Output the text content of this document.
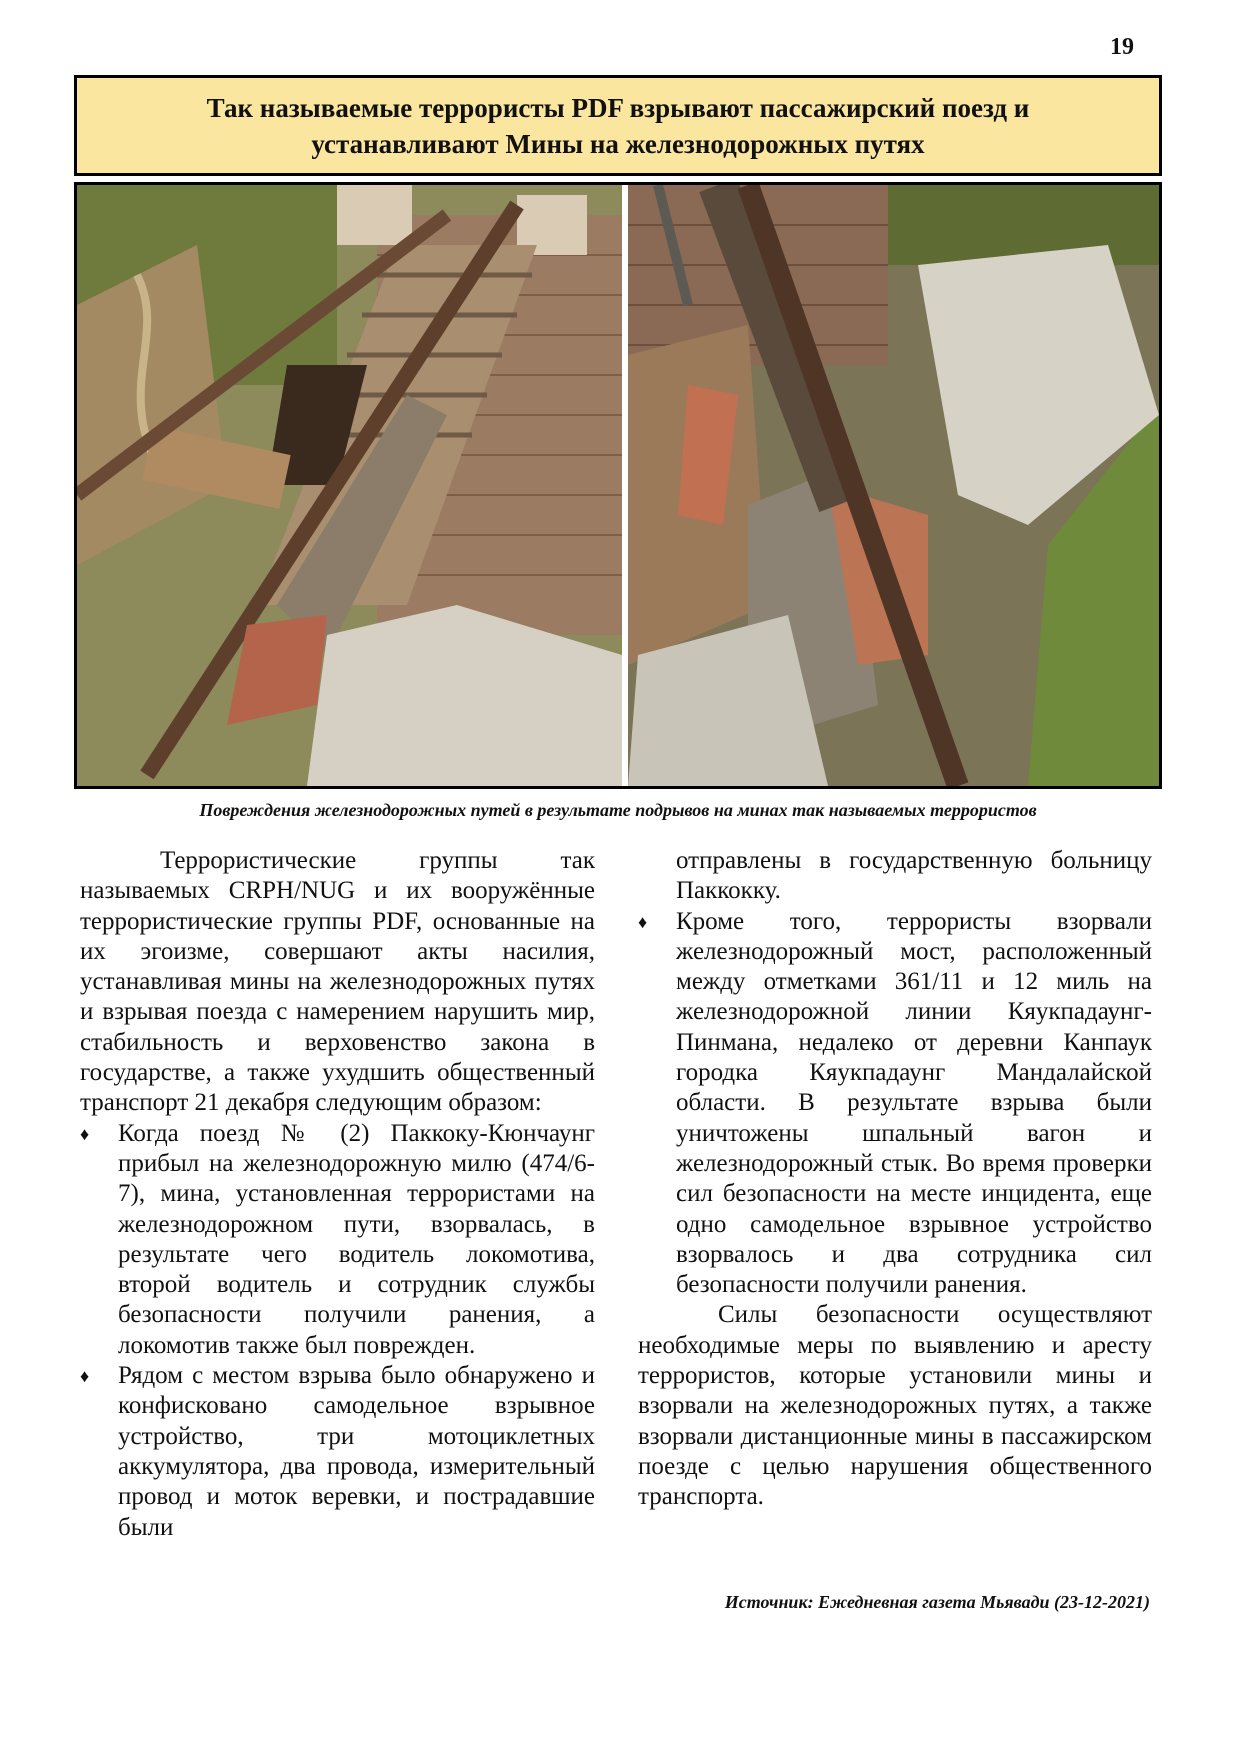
19
Так называемые террористы PDF взрывают пассажирский поезд и устанавливают Мины на железнодорожных путях
Повреждения железнодорожных путей в результате подрывов на минах так называемых террористов

Террористические группы так называемых CRPH/NUG и их вооружённые террористические группы PDF, основанные на их эгоизме, совершают акты насилия, устанавливая мины на железнодорожных путях и взрывая поезда с намерением нарушить мир, стабильность и верховенство закона в государстве, а также ухудшить общественный транспорт 21 декабря следующим образом:

♦ Когда поезд № (2) Паккоку-Кюнчаунг прибыл на железнодорожную милю (474/6-7), мина, установленная террористами на железнодорожном пути, взорвалась, в результате чего водитель локомотива, второй водитель и сотрудник службы безопасности получили ранения, а локомотив также был поврежден.

♦ Рядом с местом взрыва было обнаружено и конфисковано самодельное взрывное устройство, три мотоциклетных аккумулятора, два провода, измерительный провод и моток веревки, и пострадавшие были

отправлены в государственную больницу Паккокку.

♦ Кроме того, террористы взорвали железнодорожный мост, расположенный между отметками 361/11 и 12 миль на железнодорожной линии Кяукпадаунг-Пинмана, недалеко от деревни Канпаук городка Кяукпадаунг Мандалайской области. В результате взрыва были уничтожены шпальный вагон и железнодорожный стык. Во время проверки сил безопасности на месте инцидента, еще одно самодельное взрывное устройство взорвалось и два сотрудника сил безопасности получили ранения.

Силы безопасности осуществляют необходимые меры по выявлению и аресту террористов, которые установили мины и взорвали на железнодорожных путях, а также взорвали дистанционные мины в пассажирском поезде с целью нарушения общественного транспорта.

Источник: Ежедневная газета Мьявади (23-12-2021)
